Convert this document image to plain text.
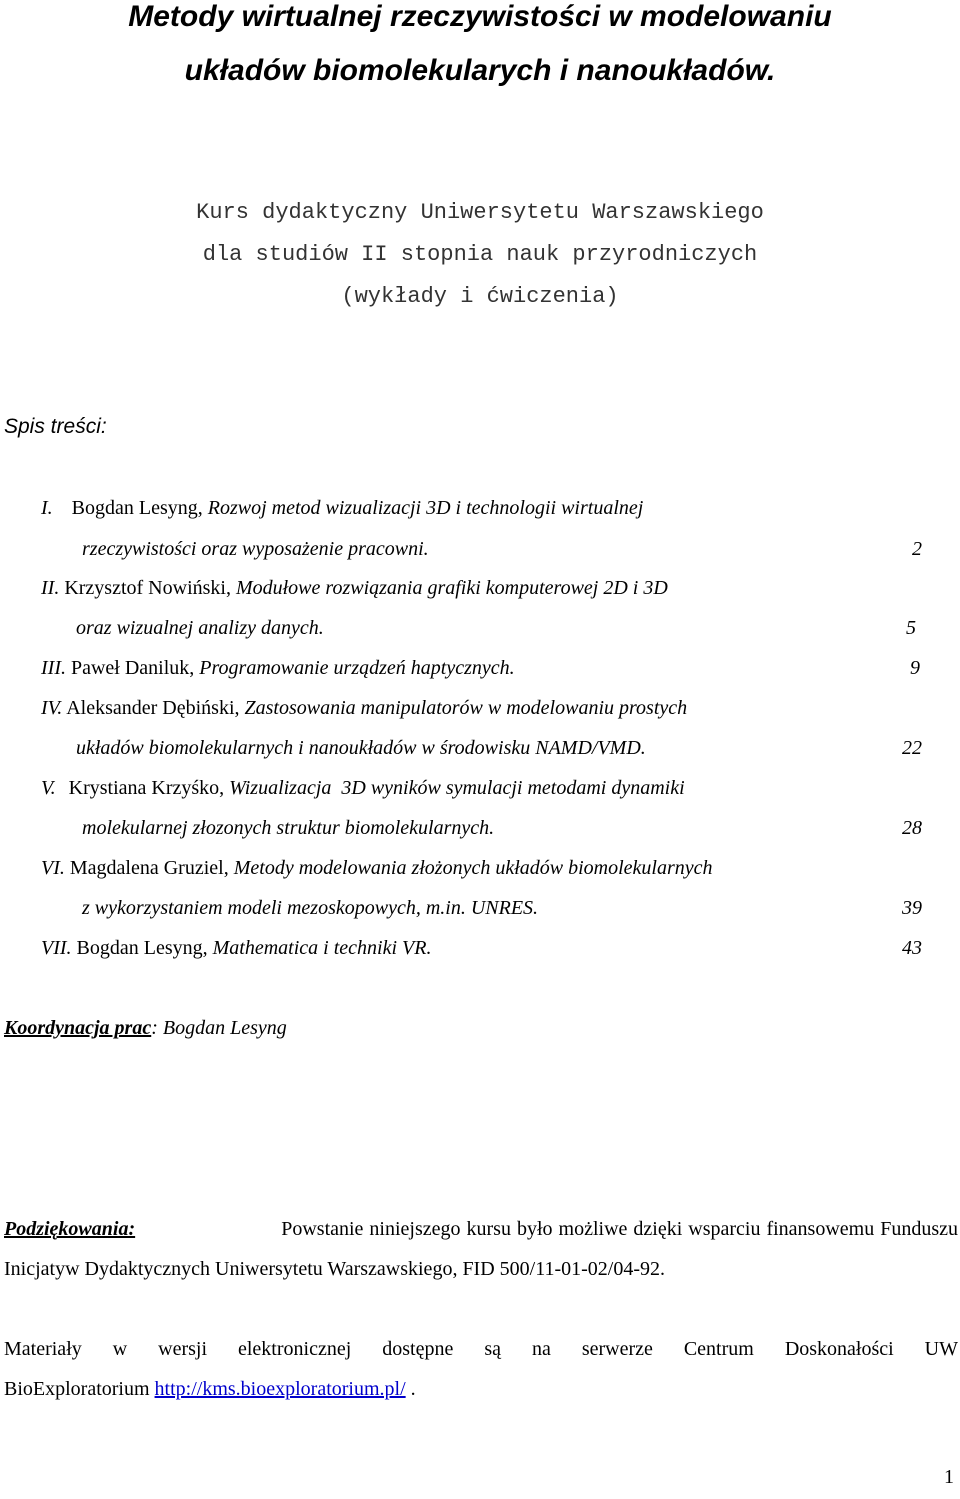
Metody wirtualnej rzeczywistości w modelowaniu
układów biomolekularych i nanoukładów.
Kurs dydaktyczny Uniwersytetu Warszawskiego
dla studiów II stopnia nauk przyrodniczych
(wykłady i ćwiczenia)
Spis treści:
I. Bogdan Lesyng, Rozwoj metod wizualizacji 3D i technologii wirtualnej
rzeczywistości oraz wyposażenie pracowni.	2
II. Krzysztof Nowiński, Modułowe rozwiązania grafiki komputerowej 2D i 3D
oraz wizualnej analizy danych.	5
III. Paweł Daniluk, Programowanie urządzeń haptycznych.	9
IV. Aleksander Dębiński, Zastosowania manipulatorów w modelowaniu prostych
układów biomolekularnych i nanoukładów w środowisku NAMD/VMD.	22
V. Krystiana Krzyśko, Wizualizacja  3D wyników symulacji metodami dynamiki
molekularnej złozonych struktur biomolekularnych.	28
VI. Magdalena Gruziel, Metody modelowania złożonych układów biomolekularnych
z wykorzystaniem modeli mezoskopowych, m.in. UNRES.	39
VII. Bogdan Lesyng, Mathematica i techniki VR.	43
Koordynacja prac: Bogdan Lesyng
Podziękowania:	Powstanie niniejszego kursu było możliwe dzięki wsparciu finansowemu Funduszu
Inicjatyw Dydaktycznych Uniwersytetu Warszawskiego, FID 500/11-01-02/04-92.
Materiały w wersji elektronicznej dostępne są na serwerze Centrum Doskonałości UW
BioExploratorium http://kms.bioexploratorium.pl/ .
1
